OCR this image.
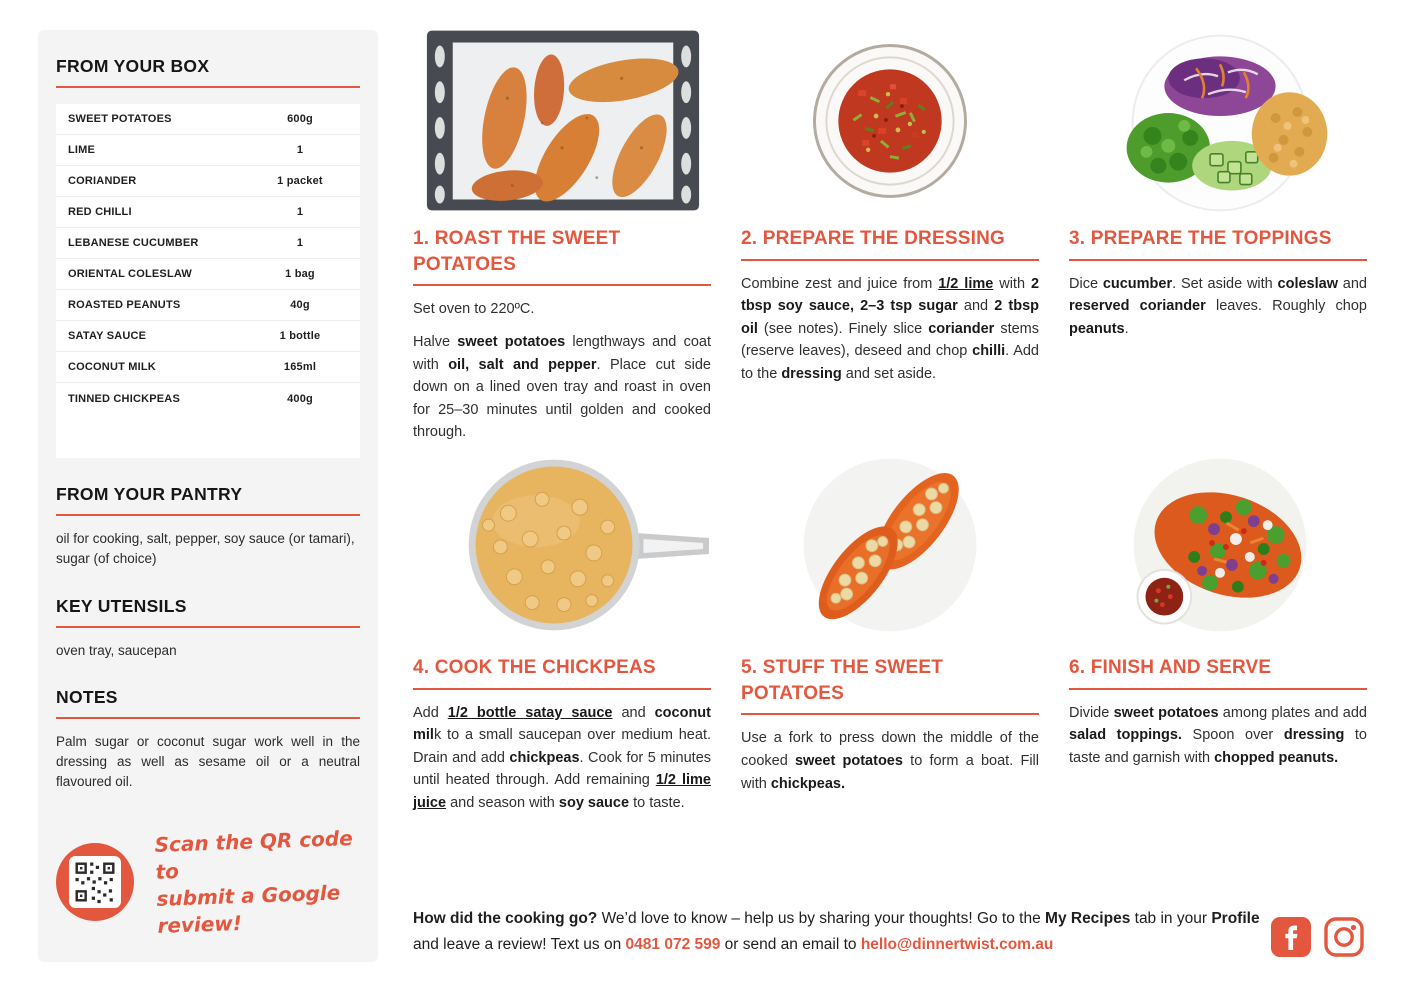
FROM YOUR BOX
SWEET POTATOES	600g
LIME	1
CORIANDER	1 packet
RED CHILLI	1
LEBANESE CUCUMBER	1
ORIENTAL COLESLAW	1 bag
ROASTED PEANUTS	40g
SATAY SAUCE	1 bottle
COCONUT MILK	165ml
TINNED CHICKPEAS	400g
FROM YOUR PANTRY

oil for cooking, salt, pepper, soy sauce (or tamari), sugar (of choice)

KEY UTENSILS

oven tray, saucepan

NOTES

Palm sugar or coconut sugar work well in the dressing as well as sesame oil or a neutral flavoured oil.

Scan the QR code to
submit a Google review!
1. ROAST THE SWEET POTATOES

Set oven to 220ºC.

Halve sweet potatoes lengthways and coat with oil, salt and pepper. Place cut side down on a lined oven tray and roast in oven for 25–30 minutes until golden and cooked through.

2. PREPARE THE DRESSING

Combine zest and juice from 1/2 lime with 2 tbsp soy sauce, 2–3 tsp sugar and 2 tbsp oil (see notes). Finely slice coriander stems (reserve leaves), deseed and chop chilli. Add to the dressing and set aside.

3. PREPARE THE TOPPINGS

Dice cucumber. Set aside with coleslaw and reserved coriander leaves. Roughly chop peanuts.

4. COOK THE CHICKPEAS

Add 1/2 bottle satay sauce and coconut milk to a small saucepan over medium heat. Drain and add chickpeas. Cook for 5 minutes until heated through. Add remaining 1/2 lime juice and season with soy sauce to taste.

5. STUFF THE SWEET POTATOES

Use a fork to press down the middle of the cooked sweet potatoes to form a boat. Fill with chickpeas.

6. FINISH AND SERVE

Divide sweet potatoes among plates and add salad toppings. Spoon over dressing to taste and garnish with chopped peanuts.

How did the cooking go? We’d love to know – help us by sharing your thoughts! Go to the My Recipes tab in your Profile and leave a review! Text us on 0481 072 599 or send an email to hello@dinnertwist.com.au
